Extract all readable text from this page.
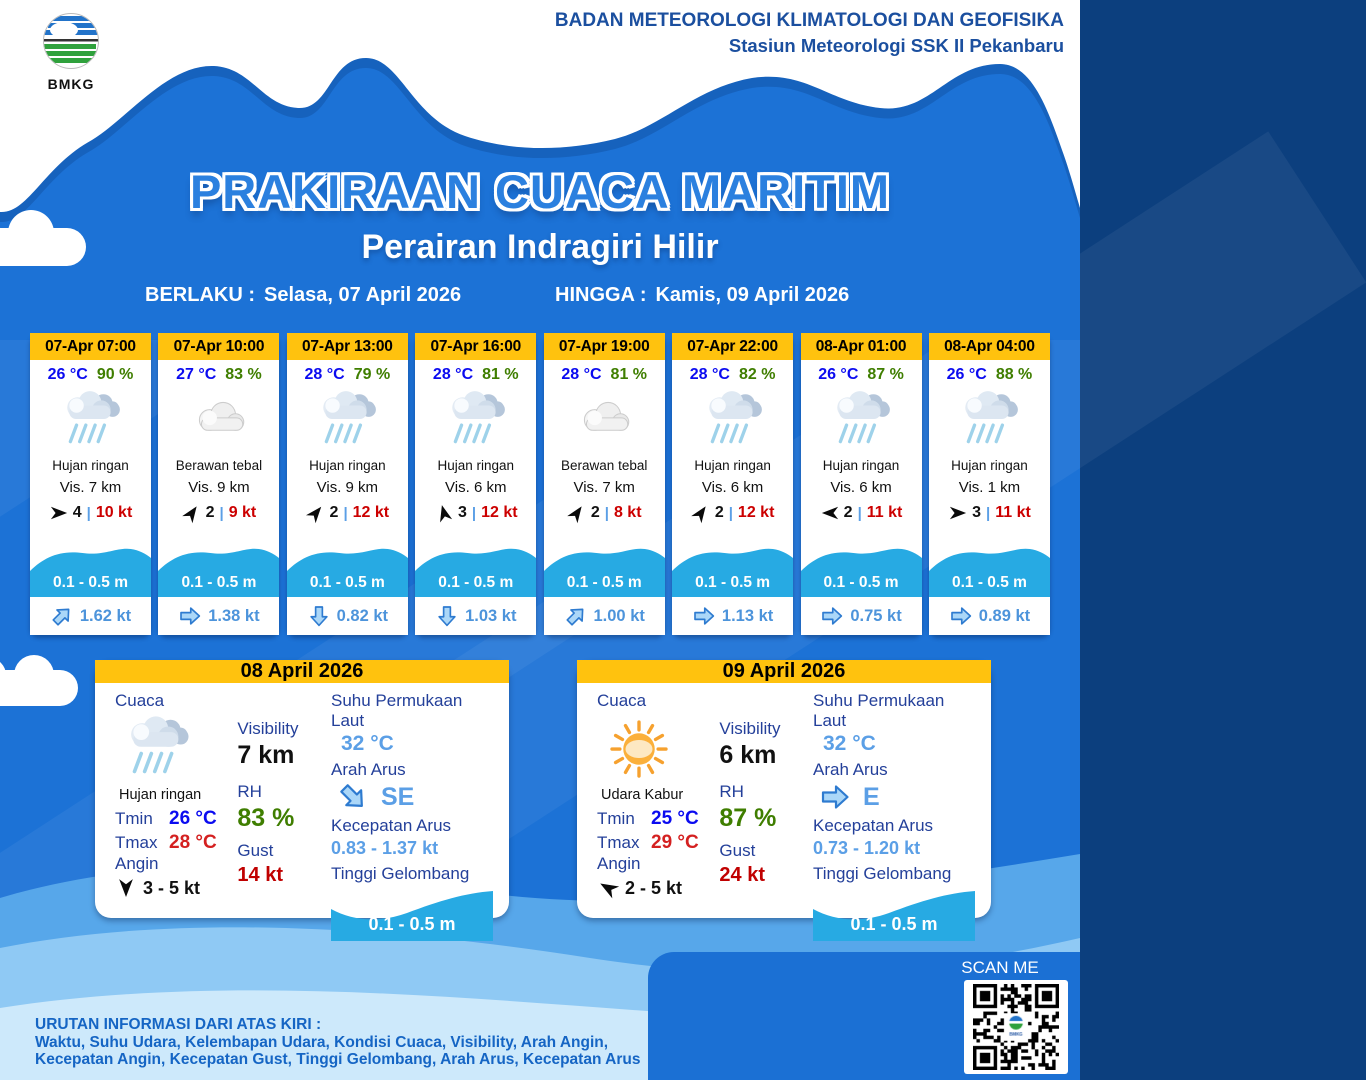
BMKG
BADAN METEOROLOGI KLIMATOLOGI DAN GEOFISIKA
Stasiun Meteorologi SSK II Pekanbaru
PRAKIRAAN CUACA MARITIM
Perairan Indragiri Hilir
BERLAKU : Selasa, 07 April 2026	HINGGA : Kamis, 09 April 2026
07-Apr 07:00
26 °C 90 %
Hujan ringan
Vis. 7 km
4 | 10 kt
0.1 - 0.5 m
1.62 kt
07-Apr 10:00
27 °C 83 %
Berawan tebal
Vis. 9 km
2 | 9 kt
0.1 - 0.5 m
1.38 kt
07-Apr 13:00
28 °C 79 %
Hujan ringan
Vis. 9 km
2 | 12 kt
0.1 - 0.5 m
0.82 kt
07-Apr 16:00
28 °C 81 %
Hujan ringan
Vis. 6 km
3 | 12 kt
0.1 - 0.5 m
1.03 kt
07-Apr 19:00
28 °C 81 %
Berawan tebal
Vis. 7 km
2 | 8 kt
0.1 - 0.5 m
1.00 kt
07-Apr 22:00
28 °C 82 %
Hujan ringan
Vis. 6 km
2 | 12 kt
0.1 - 0.5 m
1.13 kt
08-Apr 01:00
26 °C 87 %
Hujan ringan
Vis. 6 km
2 | 11 kt
0.1 - 0.5 m
0.75 kt
08-Apr 04:00
26 °C 88 %
Hujan ringan
Vis. 1 km
3 | 11 kt
0.1 - 0.5 m
0.89 kt
08 April 2026
Cuaca
Hujan ringan
Tmin 26 °C
Tmax 28 °C
Angin
3 - 5 kt
Visibility
7 km
RH
83 %
Gust
14 kt
Suhu Permukaan Laut
32 °C
Arah Arus
SE
Kecepatan Arus
0.83 - 1.37 kt
Tinggi Gelombang
0.1 - 0.5 m
09 April 2026
Cuaca
Udara Kabur
Tmin 25 °C
Tmax 29 °C
Angin
2 - 5 kt
Visibility
6 km
RH
87 %
Gust
24 kt
Suhu Permukaan Laut
32 °C
Arah Arus
E
Kecepatan Arus
0.73 - 1.20 kt
Tinggi Gelombang
0.1 - 0.5 m
URUTAN INFORMASI DARI ATAS KIRI :
Waktu, Suhu Udara, Kelembapan Udara, Kondisi Cuaca, Visibility, Arah Angin,
Kecepatan Angin, Kecepatan Gust, Tinggi Gelombang, Arah Arus, Kecepatan Arus
SCAN ME
